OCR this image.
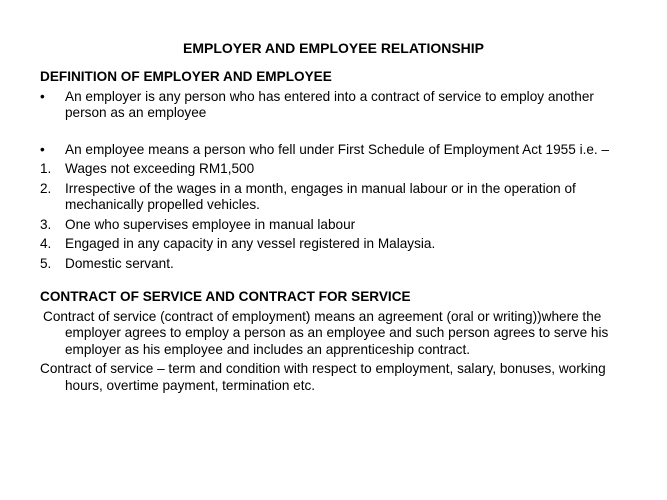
EMPLOYER AND EMPLOYEE RELATIONSHIP

DEFINITION OF EMPLOYER AND EMPLOYEE

•	An employer is any person who has entered into a contract of service to employ another person as an employee
•	An employee means a person who fell under First Schedule of Employment Act 1955 i.e. –
1.	Wages not exceeding RM1,500
2.	Irrespective of the wages in a month, engages in manual labour or in the operation of mechanically propelled vehicles.
3.	One who supervises employee in manual labour
4.	Engaged in any capacity in any vessel registered in Malaysia.
5.	Domestic servant.

CONTRACT OF SERVICE AND CONTRACT FOR SERVICE

Contract of service (contract of employment) means an agreement (oral or writing))where the employer agrees to employ a person as an employee and such person agrees to serve his employer as his employee and includes an apprenticeship contract.

Contract of service – term and condition with respect to employment, salary, bonuses, working hours, overtime payment, termination etc.
